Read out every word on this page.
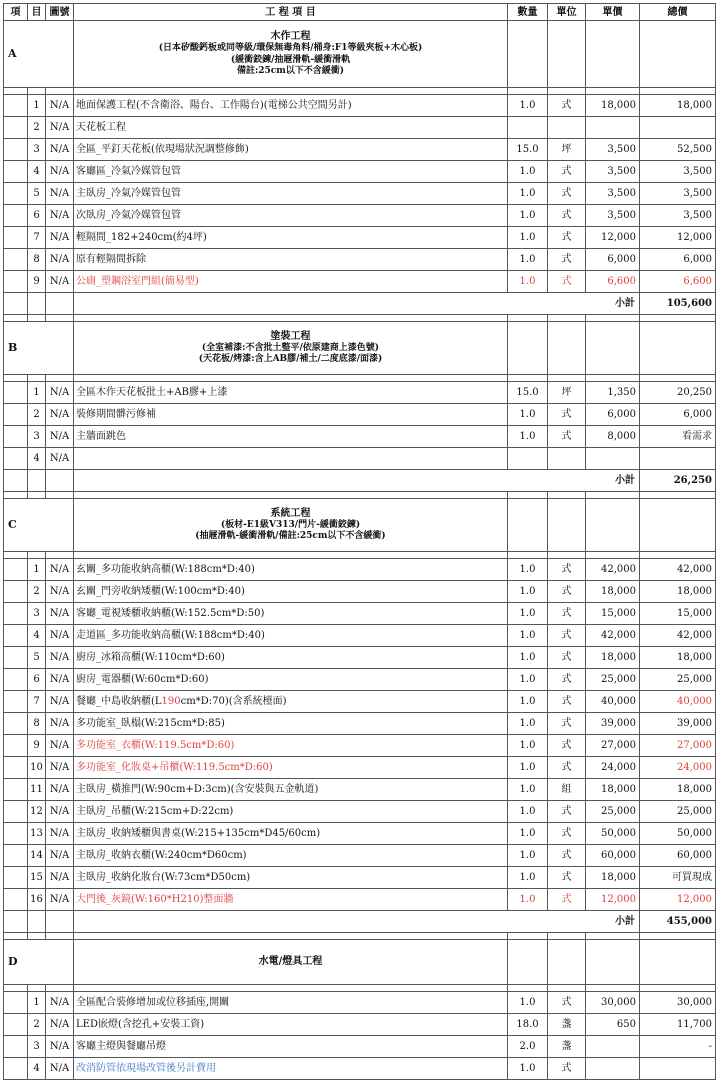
項	目	圖號	工 程 項 目	數量	單位	單價	總價
A			木作工程
(日本矽酸鈣板或同等級/環保無毒角料/桶身:F1等級夾板+木心板)
(緩衝鉸鍊/抽屜滑軌-緩衝滑軌
備註:25cm以下不含緩衝)				

	1	N/A	地面保護工程(不含衛浴、陽台、工作陽台)(電梯公共空間另計)	1.0	式	18,000	18,000
	2	N/A	天花板工程				
	3	N/A	全區_平釘天花板(依現場狀況調整修飾)	15.0	坪	3,500	52,500
	4	N/A	客廳區_冷氣冷媒管包管	1.0	式	3,500	3,500
	5	N/A	主臥房_冷氣冷媒管包管	1.0	式	3,500	3,500
	6	N/A	次臥房_冷氣冷媒管包管	1.0	式	3,500	3,500
	7	N/A	輕隔間_182+240cm(約4坪)	1.0	式	12,000	12,000
	8	N/A	原有輕隔間拆除	1.0	式	6,000	6,000
	9	N/A	公廁_塑鋼浴室門組(簡易型)	1.0	式	6,600	6,600
			小計				105,600

B			塗裝工程
(全室補漆:不含批土整平/依原建商上漆色號)
(天花板/烤漆:含上AB膠/補土/二度底漆/面漆)				

	1	N/A	全區木作天花板批土+AB膠+上漆	15.0	坪	1,350	20,250
	2	N/A	裝修期間髒污修補	1.0	式	6,000	6,000
	3	N/A	主牆面跳色	1.0	式	8,000	看需求
	4	N/A					
			小計				26,250

C			系統工程
(板材-E1級V313/門片-緩衝鉸鍊)
(抽屜滑軌-緩衝滑軌/備註:25cm以下不含緩衝)				

	1	N/A	玄關_多功能收納高櫃(W:188cm*D:40)	1.0	式	42,000	42,000
	2	N/A	玄關_門旁收納矮櫃(W:100cm*D:40)	1.0	式	18,000	18,000
	3	N/A	客廳_電視矮櫃收納櫃(W:152.5cm*D:50)	1.0	式	15,000	15,000
	4	N/A	走道區_多功能收納高櫃(W:188cm*D:40)	1.0	式	42,000	42,000
	5	N/A	廚房_冰箱高櫃(W:110cm*D:60)	1.0	式	18,000	18,000
	6	N/A	廚房_電器櫃(W:60cm*D:60)	1.0	式	25,000	25,000
	7	N/A	餐廳_中島收納櫃(L190cm*D:70)(含系統檯面)	1.0	式	40,000	40,000
	8	N/A	多功能室_臥榻(W:215cm*D:85)	1.0	式	39,000	39,000
	9	N/A	多功能室_衣櫃(W:119.5cm*D:60)	1.0	式	27,000	27,000
	10	N/A	多功能室_化妝桌+吊櫃(W:119.5cm*D:60)	1.0	式	24,000	24,000
	11	N/A	主臥房_橫推門(W:90cm+D:3cm)(含安裝與五金軌道)	1.0	組	18,000	18,000
	12	N/A	主臥房_吊櫃(W:215cm+D:22cm)	1.0	式	25,000	25,000
	13	N/A	主臥房_收納矮櫃與書桌(W:215+135cm*D45/60cm)	1.0	式	50,000	50,000
	14	N/A	主臥房_收納衣櫃(W:240cm*D60cm)	1.0	式	60,000	60,000
	15	N/A	主臥房_收納化妝台(W:73cm*D50cm)	1.0	式	18,000	可買現成
	16	N/A	大門後_灰鏡(W:160*H210)整面牆	1.0	式	12,000	12,000
			小計				455,000

D			水電/燈具工程				

	1	N/A	全區配合裝修增加或位移插座,開關	1.0	式	30,000	30,000
	2	N/A	LED嵌燈(含挖孔+安裝工資)	18.0	盞	650	11,700
	3	N/A	客廳主燈與餐廳吊燈	2.0	盞		-
	4	N/A	改消防管依現場改管後另計費用	1.0	式		
